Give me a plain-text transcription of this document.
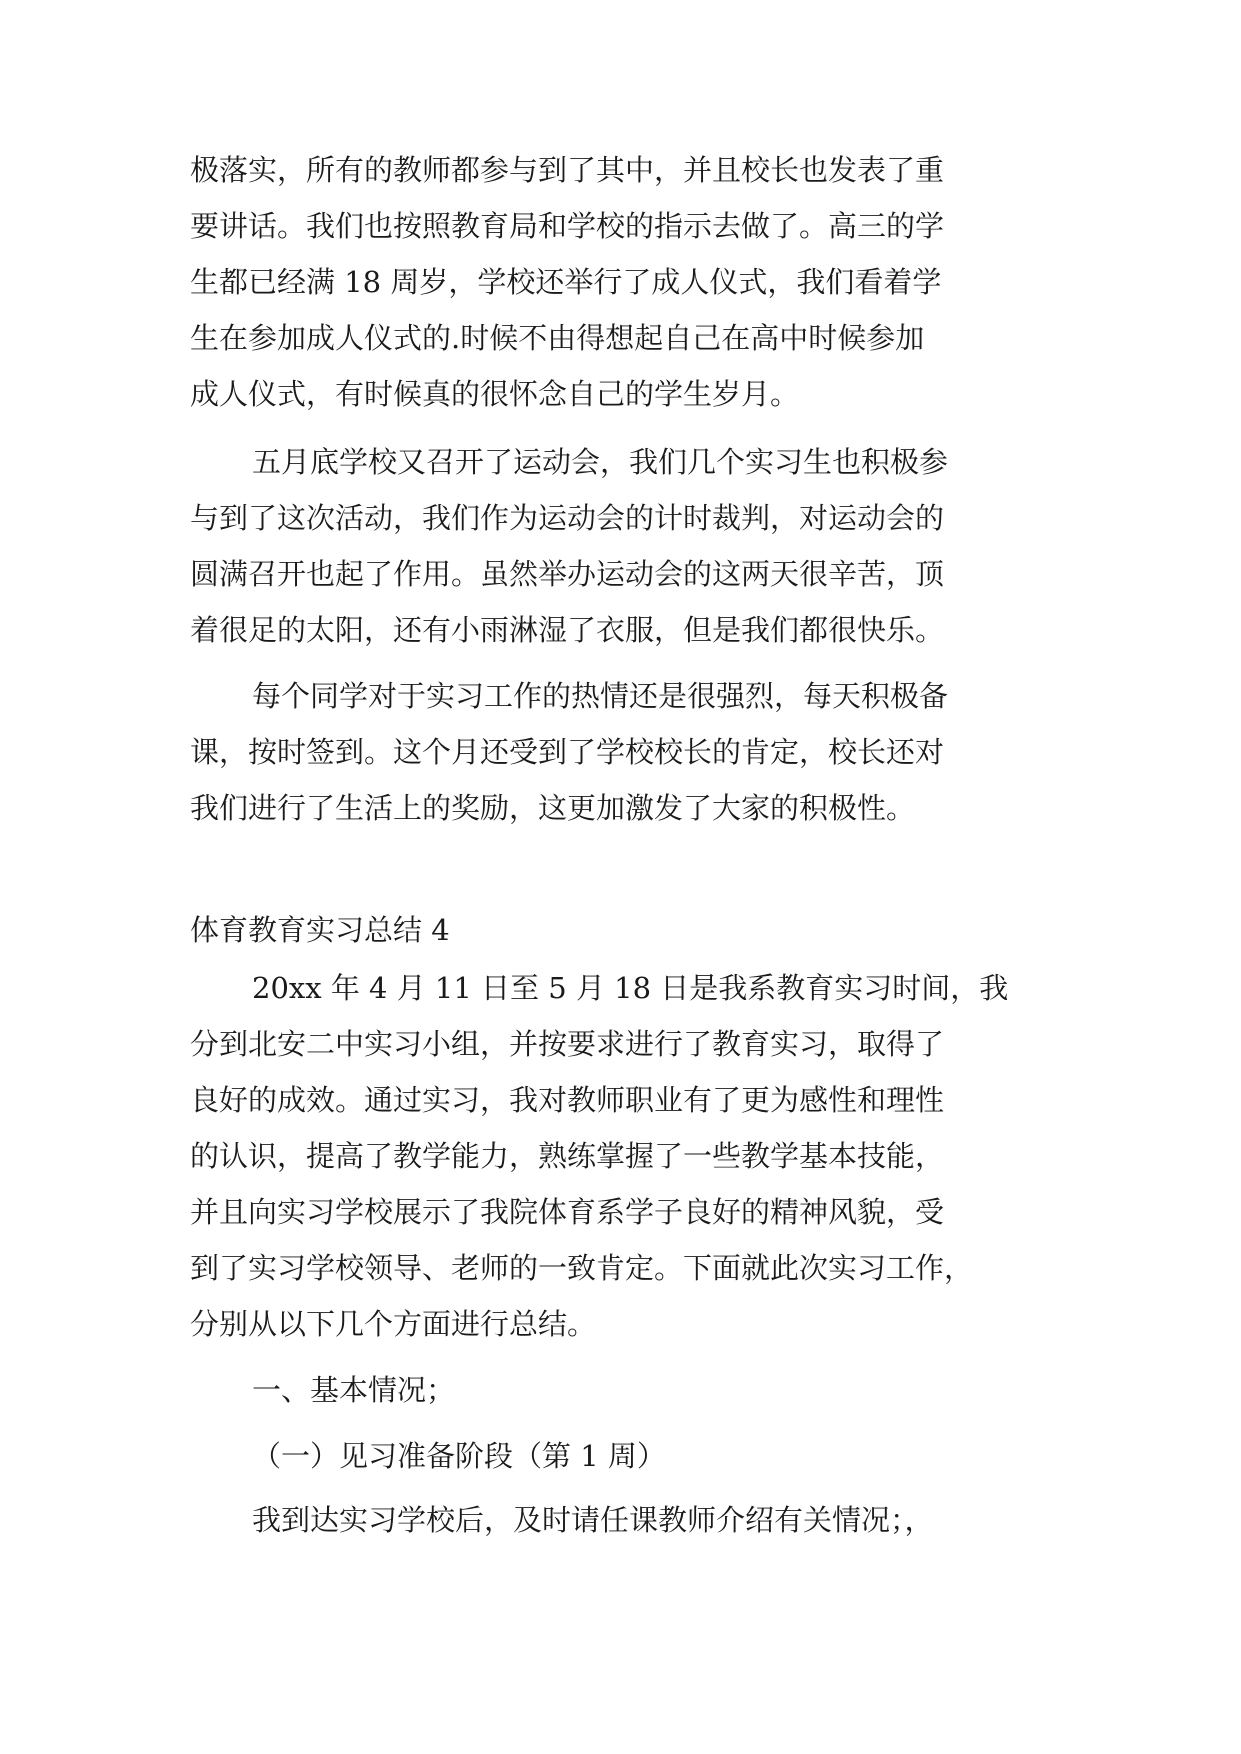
极落实，所有的教师都参与到了其中，并且校长也发表了重
要讲话。我们也按照教育局和学校的指示去做了。高三的学
生都已经满 18 周岁，学校还举行了成人仪式，我们看着学
生在参加成人仪式的.时候不由得想起自己在高中时候参加
成人仪式，有时候真的很怀念自己的学生岁月。
五月底学校又召开了运动会，我们几个实习生也积极参
与到了这次活动，我们作为运动会的计时裁判，对运动会的
圆满召开也起了作用。虽然举办运动会的这两天很辛苦，顶
着很足的太阳，还有小雨淋湿了衣服，但是我们都很快乐。
每个同学对于实习工作的热情还是很强烈，每天积极备
课，按时签到。这个月还受到了学校校长的肯定，校长还对
我们进行了生活上的奖励，这更加激发了大家的积极性。
体育教育实习总结 4
20xx 年 4 月 11 日至 5 月 18 日是我系教育实习时间，我
分到北安二中实习小组，并按要求进行了教育实习，取得了
良好的成效。通过实习，我对教师职业有了更为感性和理性
的认识，提高了教学能力，熟练掌握了一些教学基本技能，
并且向实习学校展示了我院体育系学子良好的精神风貌，受
到了实习学校领导、老师的一致肯定。下面就此次实习工作，
分别从以下几个方面进行总结。
一、基本情况；
（一）见习准备阶段（第 1 周）
我到达实习学校后，及时请任课教师介绍有关情况；，
